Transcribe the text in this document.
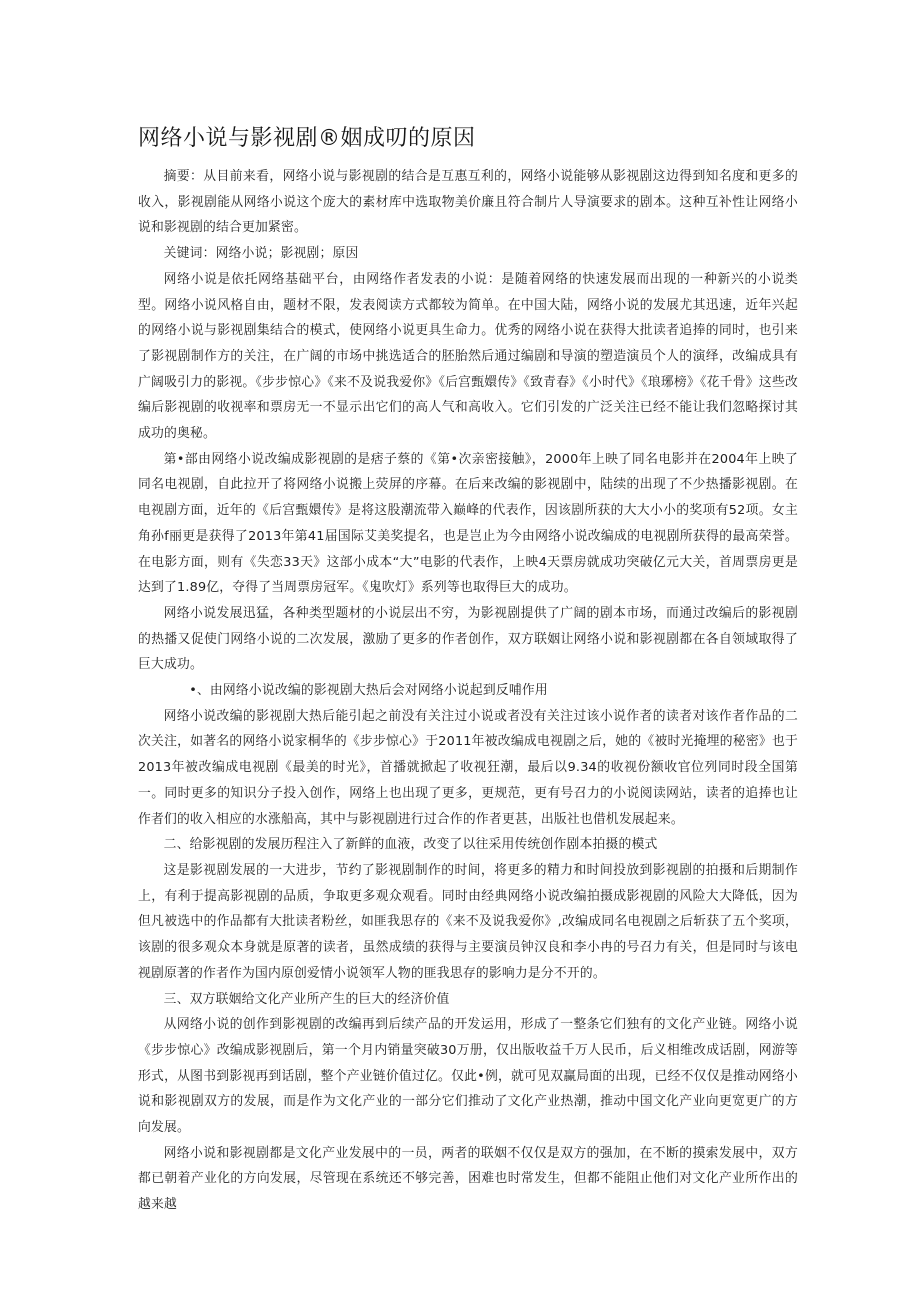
网络小说与影视剧®姻成叨的原因

摘要：从目前来看，网络小说与影视剧的结合是互惠互利的，网络小说能够从影视剧这边得到知名度和更多的收入，影视剧能从网络小说这个庞大的素材库中选取物美价廉且符合制片人导演要求的剧本。这种互补性让网络小说和影视剧的结合更加紧密。

关键词：网络小说；影视剧；原因

网络小说是依托网络基础平台，由网络作者发表的小说：是随着网络的快速发展而出现的一种新兴的小说类型。网络小说风格自由，题材不限，发表阅读方式都较为简单。在中国大陆，网络小说的发展尤其迅速，近年兴起的网络小说与影视剧集结合的模式，使网络小说更具生命力。优秀的网络小说在获得大批读者追捧的同时，也引来了影视剧制作方的关注，在广阔的市场中挑选适合的胚胎然后通过编剧和导演的塑造演员个人的演绎，改编成具有广阔吸引力的影视。《步步惊心》《来不及说我爱你》《后宫甄嬛传》《致青春》《小时代》《琅琊榜》《花千骨》这些改编后影视剧的收视率和票房无一不显示出它们的高人气和高收入。它们引发的广泛关注已经不能让我们忽略探讨其成功的奥秘。

第•部由网络小说改编成影视剧的是痞子蔡的《第•次亲密接触》，2000年上映了同名电影并在2004年上映了同名电视剧，自此拉开了将网络小说搬上荧屏的序幕。在后来改编的影视剧中，陆续的出现了不少热播影视剧。在电视剧方面，近年的《后宫甄嬛传》是将这股潮流带入巅峰的代表作，因该剧所获的大大小小的奖项有52项。女主角孙f丽更是获得了2013年第41届国际艾美奖提名，也是岂止为今由网络小说改编成的电视剧所获得的最高荣誉。在电影方面，则有《失恋33天》这部小成本“大”电影的代表作，上映4天票房就成功突破亿元大关，首周票房更是达到了1.89亿，夺得了当周票房冠军。《鬼吹灯》系列等也取得巨大的成功。

网络小说发展迅猛，各种类型题材的小说层出不穷，为影视剧提供了广阔的剧本市场，而通过改编后的影视剧的热播又促使门网络小说的二次发展，激励了更多的作者创作，双方联姻让网络小说和影视剧都在各自领域取得了巨大成功。

•、由网络小说改编的影视剧大热后会对网络小说起到反哺作用

网络小说改编的影视剧大热后能引起之前没有关注过小说或者没有关注过该小说作者的读者对该作者作品的二次关注，如著名的网络小说家桐华的《步步惊心》于2011年被改编成电视剧之后，她的《被时光掩埋的秘密》也于2013年被改编成电视剧《最美的时光》，首播就掀起了收视狂潮，最后以9.34的收视份额收官位列同时段全国第一。同时更多的知识分子投入创作，网络上也出现了更多，更规范，更有号召力的小说阅读网站，读者的追捧也让作者们的收入相应的水涨船高，其中与影视剧进行过合作的作者更甚，出版社也借机发展起来。

二、给影视剧的发展历程注入了新鲜的血液，改变了以往采用传统创作剧本拍摄的模式

这是影视剧发展的一大进步，节约了影视剧制作的时间，将更多的精力和时间投放到影视剧的拍摄和后期制作上，有利于提高影视剧的品质，争取更多观众观看。同时由经典网络小说改编拍摄成影视剧的风险大大降低，因为但凡被选中的作品都有大批读者粉丝，如匪我思存的《来不及说我爱你》,改编成同名电视剧之后斩获了五个奖项，该剧的很多观众本身就是原著的读者，虽然成绩的获得与主要演员钟汉良和李小冉的号召力有关，但是同时与该电视剧原著的作者作为国内原创爱情小说领军人物的匪我思存的影响力是分不开的。

三、双方联姻给文化产业所产生的巨大的经济价值

从网络小说的创作到影视剧的改编再到后续产品的开发运用，形成了一整条它们独有的文化产业链。网络小说《步步惊心》改编成影视剧后，第一个月内销量突破30万册，仅出版收益千万人民币，后义相维改成话剧，网游等形式，从图书到影视再到话剧，整个产业链价值过亿。仅此•例，就可见双赢局面的出现，已经不仅仅是推动网络小说和影视剧双方的发展，而是作为文化产业的一部分它们推动了文化产业热潮，推动中国文化产业向更宽更广的方向发展。

网络小说和影视剧都是文化产业发展中的一员，两者的联姻不仅仅是双方的强加，在不断的摸索发展中，双方都已朝着产业化的方向发展，尽管现在系统还不够完善，困难也时常发生，但都不能阻止他们对文化产业所作出的越来越
